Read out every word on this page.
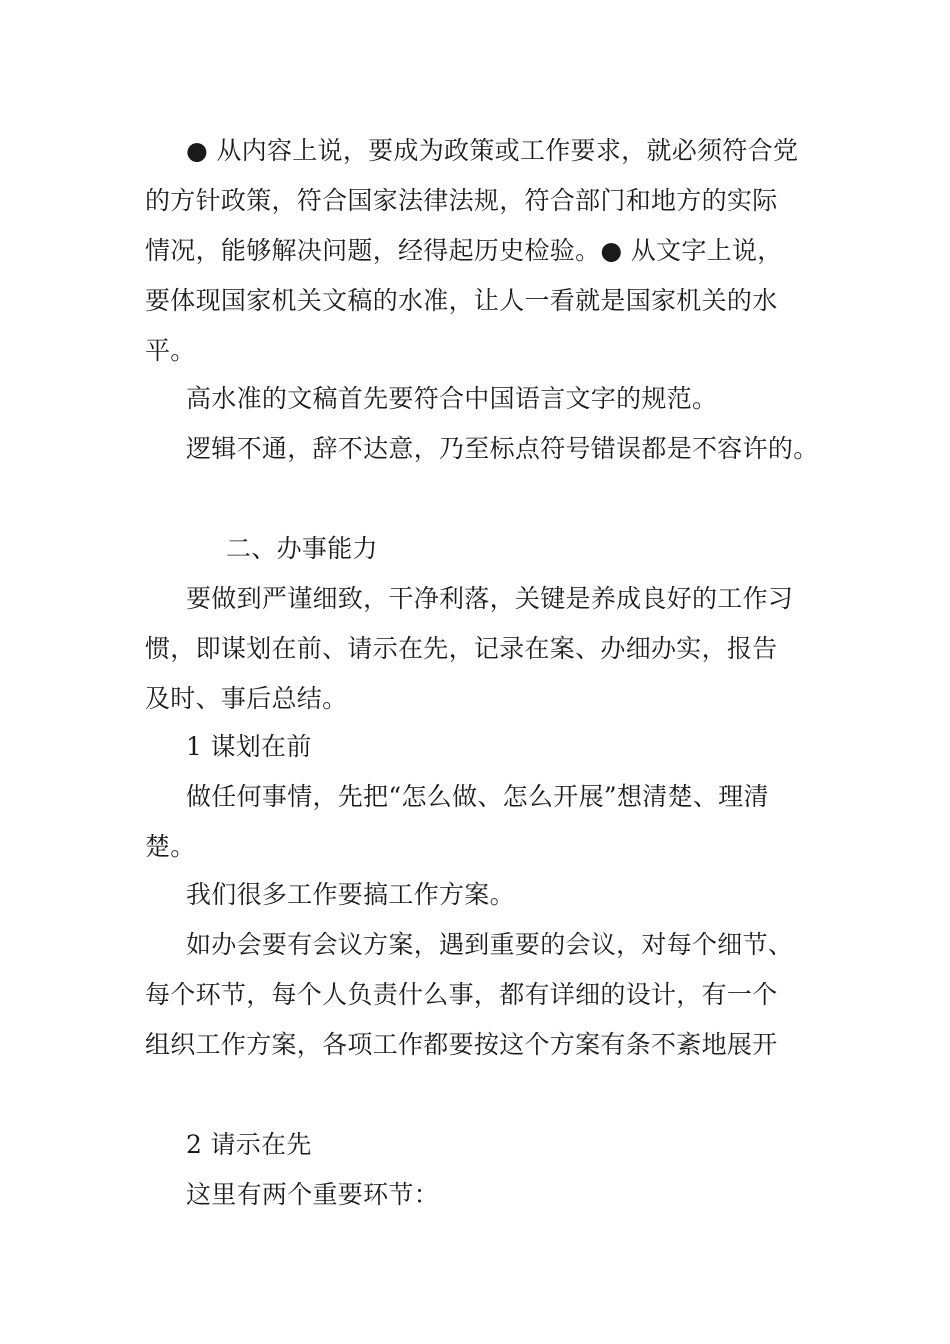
● 从内容上说，要成为政策或工作要求，就必须符合党
的方针政策，符合国家法律法规，符合部门和地方的实际
情况，能够解决问题，经得起历史检验。● 从文字上说，
要体现国家机关文稿的水准，让人一看就是国家机关的水
平。
高水准的文稿首先要符合中国语言文字的规范。
逻辑不通，辞不达意，乃至标点符号错误都是不容许的。
二、办事能力
要做到严谨细致，干净利落，关键是养成良好的工作习
惯，即谋划在前、请示在先，记录在案、办细办实，报告
及时、事后总结。
1 谋划在前
做任何事情，先把“怎么做、怎么开展”想清楚、理清
楚。
我们很多工作要搞工作方案。
如办会要有会议方案，遇到重要的会议，对每个细节、
每个环节，每个人负责什么事，都有详细的设计，有一个
组织工作方案，各项工作都要按这个方案有条不紊地展开
2 请示在先
这里有两个重要环节：
